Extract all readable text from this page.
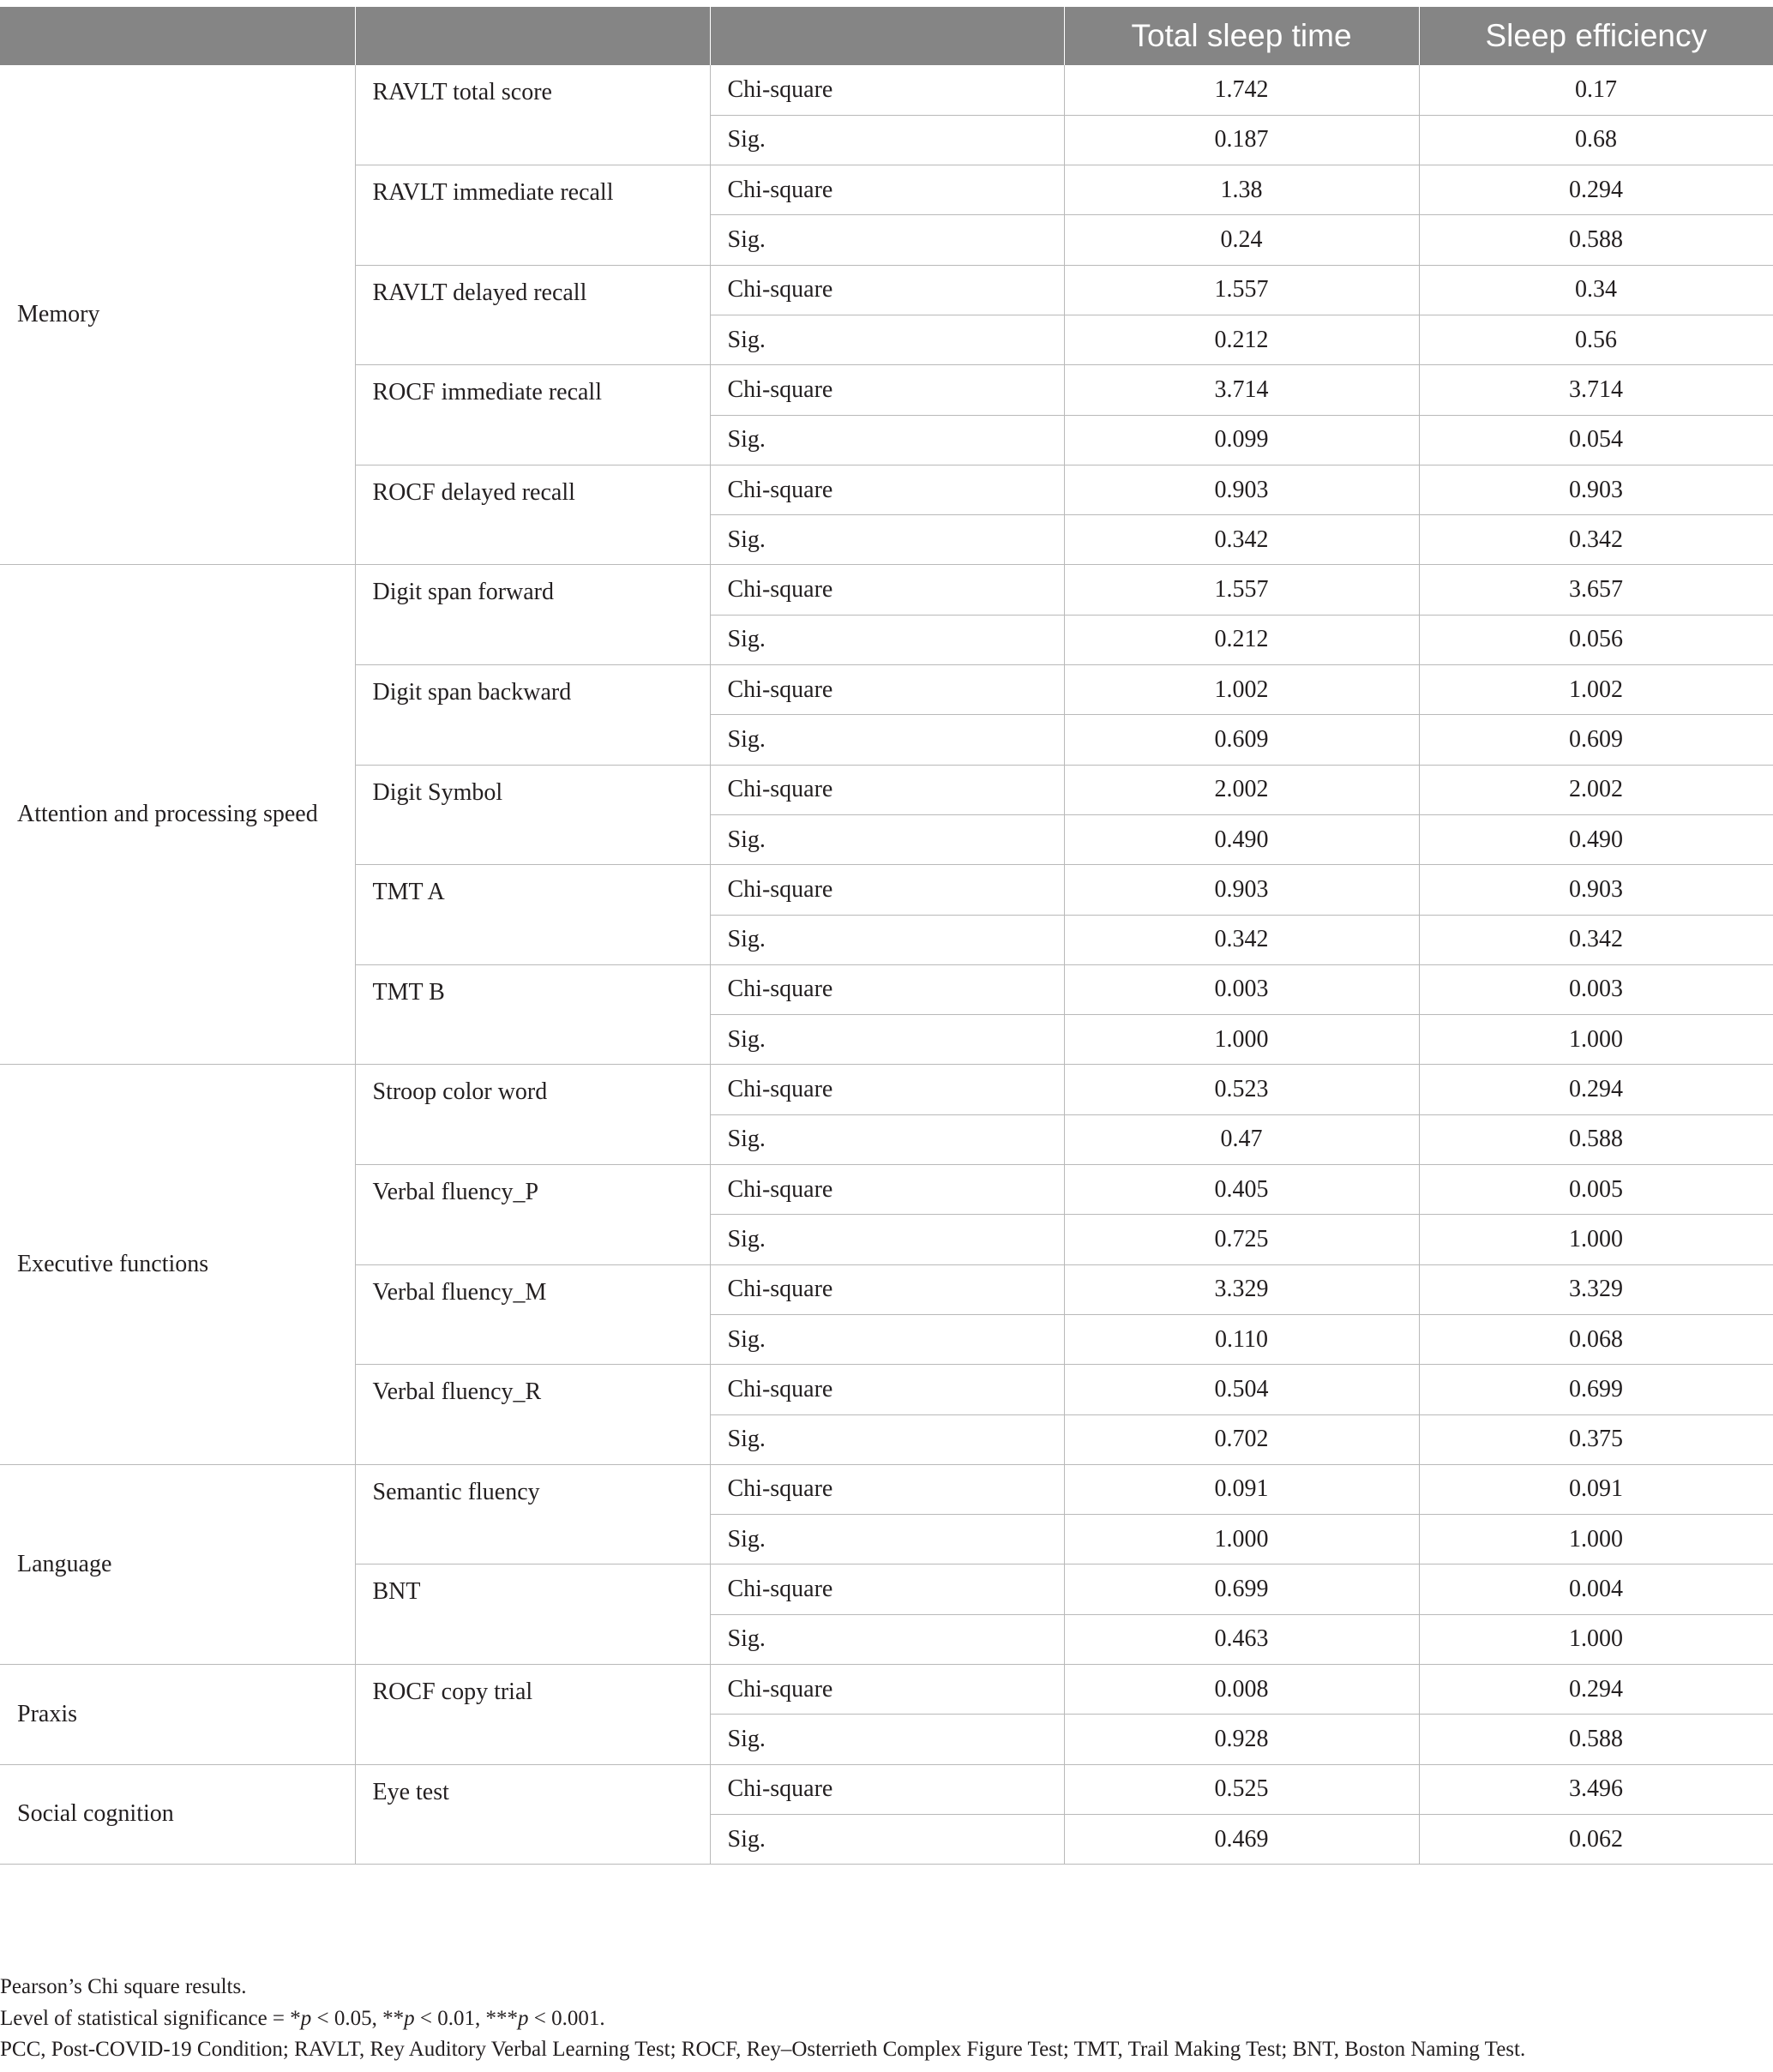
			Total sleep time	Sleep efficiency
Memory	RAVLT total score	Chi-square	1.742	0.17
		Sig.	0.187	0.68
	RAVLT immediate recall	Chi-square	1.38	0.294
		Sig.	0.24	0.588
	RAVLT delayed recall	Chi-square	1.557	0.34
		Sig.	0.212	0.56
	ROCF immediate recall	Chi-square	3.714	3.714
		Sig.	0.099	0.054
	ROCF delayed recall	Chi-square	0.903	0.903
		Sig.	0.342	0.342
Attention and processing speed	Digit span forward	Chi-square	1.557	3.657
		Sig.	0.212	0.056
	Digit span backward	Chi-square	1.002	1.002
		Sig.	0.609	0.609
	Digit Symbol	Chi-square	2.002	2.002
		Sig.	0.490	0.490
	TMT A	Chi-square	0.903	0.903
		Sig.	0.342	0.342
	TMT B	Chi-square	0.003	0.003
		Sig.	1.000	1.000
Executive functions	Stroop color word	Chi-square	0.523	0.294
		Sig.	0.47	0.588
	Verbal fluency_P	Chi-square	0.405	0.005
		Sig.	0.725	1.000
	Verbal fluency_M	Chi-square	3.329	3.329
		Sig.	0.110	0.068
	Verbal fluency_R	Chi-square	0.504	0.699
		Sig.	0.702	0.375
Language	Semantic fluency	Chi-square	0.091	0.091
		Sig.	1.000	1.000
	BNT	Chi-square	0.699	0.004
		Sig.	0.463	1.000
Praxis	ROCF copy trial	Chi-square	0.008	0.294
		Sig.	0.928	0.588
Social cognition	Eye test	Chi-square	0.525	3.496
		Sig.	0.469	0.062
Pearson’s Chi square results.
Level of statistical significance = *p < 0.05, **p < 0.01, ***p < 0.001.
PCC, Post-COVID-19 Condition; RAVLT, Rey Auditory Verbal Learning Test; ROCF, Rey–Osterrieth Complex Figure Test; TMT, Trail Making Test; BNT, Boston Naming Test.
